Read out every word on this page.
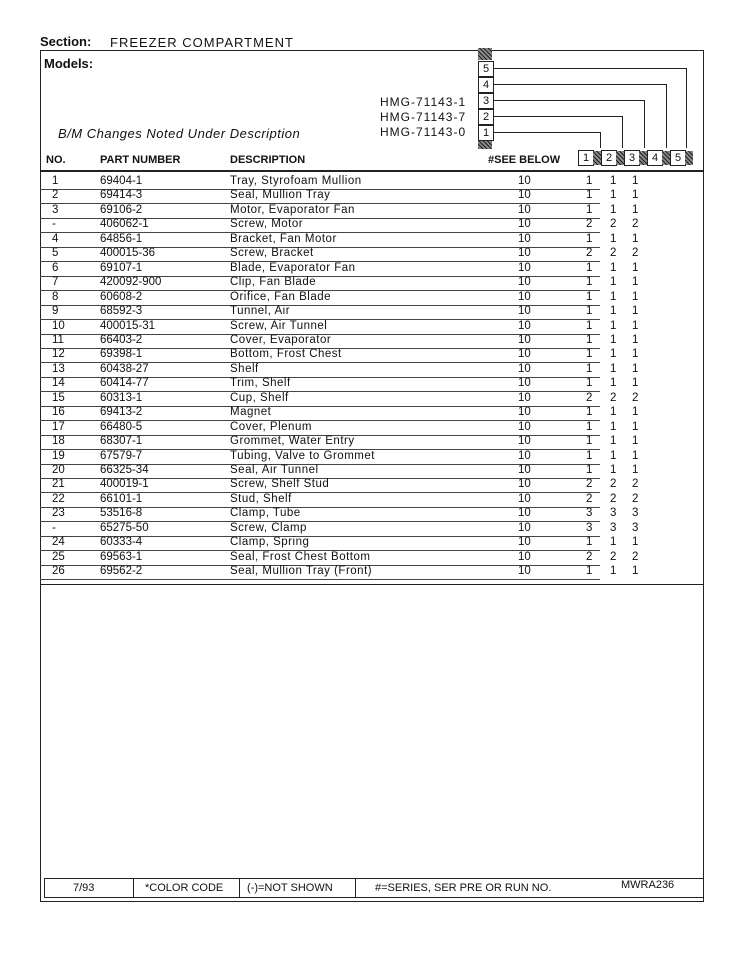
Section: FREEZER COMPARTMENT
Models:
B/M Changes Noted Under Description
HMG-71143-1
HMG-71143-7
HMG-71143-0
5
4
3
2
1
NO.	PART NUMBER	DESCRIPTION	#SEE BELOW	1	2	3	4	5
1	69404-1	Tray, Styrofoam Mullion	10	1 1 1
2	69414-3	Seal, Mullion Tray	10	1 1 1
3	69106-2	Motor, Evaporator Fan	10	1 1 1
-	406062-1	Screw, Motor	10	2 2 2
4	64856-1	Bracket, Fan Motor	10	1 1 1
5	400015-36	Screw, Bracket	10	2 2 2
6	69107-1	Blade, Evaporator Fan	10	1 1 1
7	420092-900	Clip, Fan Blade	10	1 1 1
8	60608-2	Orifice, Fan Blade	10	1 1 1
9	68592-3	Tunnel, Air	10	1 1 1
10	400015-31	Screw, Air Tunnel	10	1 1 1
11	66403-2	Cover, Evaporator	10	1 1 1
12	69398-1	Bottom, Frost Chest	10	1 1 1
13	60438-27	Shelf	10	1 1 1
14	60414-77	Trim, Shelf	10	1 1 1
15	60313-1	Cup, Shelf	10	2 2 2
16	69413-2	Magnet	10	1 1 1
17	66480-5	Cover, Plenum	10	1 1 1
18	68307-1	Grommet, Water Entry	10	1 1 1
19	67579-7	Tubing, Valve to Grommet	10	1 1 1
20	66325-34	Seal, Air Tunnel	10	1 1 1
21	400019-1	Screw, Shelf Stud	10	2 2 2
22	66101-1	Stud, Shelf	10	2 2 2
23	53516-8	Clamp, Tube	10	3 3 3
-	65275-50	Screw, Clamp	10	3 3 3
24	60333-4	Clamp, Spring	10	1 1 1
25	69563-1	Seal, Frost Chest Bottom	10	2 2 2
26	69562-2	Seal, Mullion Tray (Front)	10	1 1 1
7/93	*COLOR CODE (-)=NOT SHOWN	#=SERIES, SER PRE OR RUN NO.	MWRA236
